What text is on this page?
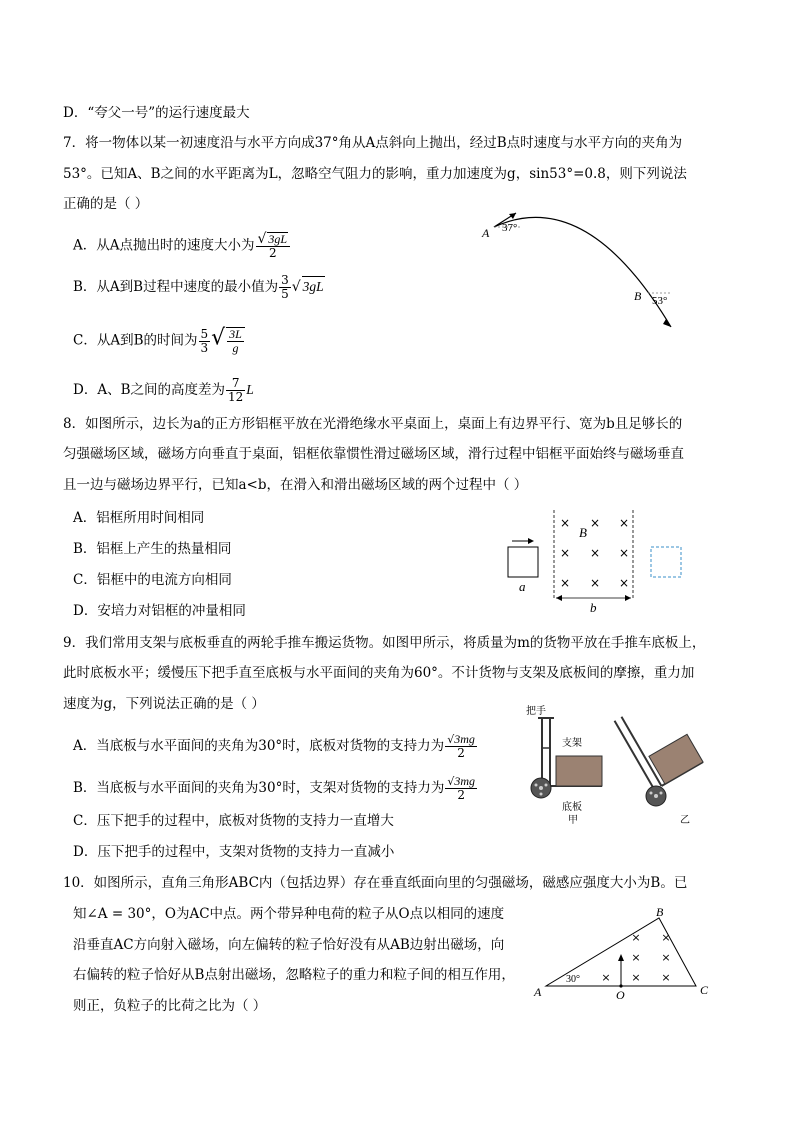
D．“夸父一号”的运行速度最大
7．将一物体以某一初速度沿与水平方向成37°角从A点斜向上抛出，经过B点时速度与水平方向的夹角为
53°。已知A、B之间的水平距离为L，忽略空气阻力的影响，重力加速度为g，sin53°=0.8，则下列说法
正确的是（ ）
A．从A点抛出时的速度大小为 $\frac{√ 3gL}{2}$
B．从A到B过程中速度的最小值为 $\frac{3}{5}$ √ 3gL
C．从A到B的时间为 $\frac{5}{3}$ √ $\frac{3L}{g}$
D．A、B之间的高度差为 $\frac{7}{12}$ L
A 37°
B 53°
8．如图所示，边长为a的正方形铝框平放在光滑绝缘水平桌面上，桌面上有边界平行、宽为b且足够长的
匀强磁场区域，磁场方向垂直于桌面，铝框依靠惯性滑过磁场区域，滑行过程中铝框平面始终与磁场垂直
且一边与磁场边界平行，已知a<b，在滑入和滑出磁场区域的两个过程中（ ）
A．铝框所用时间相同
B．铝框上产生的热量相同
C．铝框中的电流方向相同
D．安培力对铝框的冲量相同
× × ×
× × ×
× × ×
B
a
b
9．我们常用支架与底板垂直的两轮手推车搬运货物。如图甲所示，将质量为m的货物平放在手推车底板上，
此时底板水平；缓慢压下把手直至底板与水平面间的夹角为60°。不计货物与支架及底板间的摩擦，重力加
速度为g，下列说法正确的是（ ）
A．当底板与水平面间的夹角为30°时，底板对货物的支持力为 $\frac{√3mg}{2}$
B．当底板与水平面间的夹角为30°时，支架对货物的支持力为 $\frac{√3mg}{2}$
C．压下把手的过程中，底板对货物的支持力一直增大
D．压下把手的过程中，支架对货物的支持力一直减小
把手
支架
底板
甲	乙
10．如图所示，直角三角形ABC内（包括边界）存在垂直纸面向里的匀强磁场，磁感应强度大小为B。已
知∠A = 30°，O为AC中点。两个带异种电荷的粒子从O点以相同的速度
沿垂直AC方向射入磁场，向左偏转的粒子恰好没有从AB边射出磁场，向
右偏转的粒子恰好从B点射出磁场，忽略粒子的重力和粒子间的相互作用，
则正，负粒子的比荷之比为（ ）
A
B
C
O
30°
× ×
× ×
× ×
×
